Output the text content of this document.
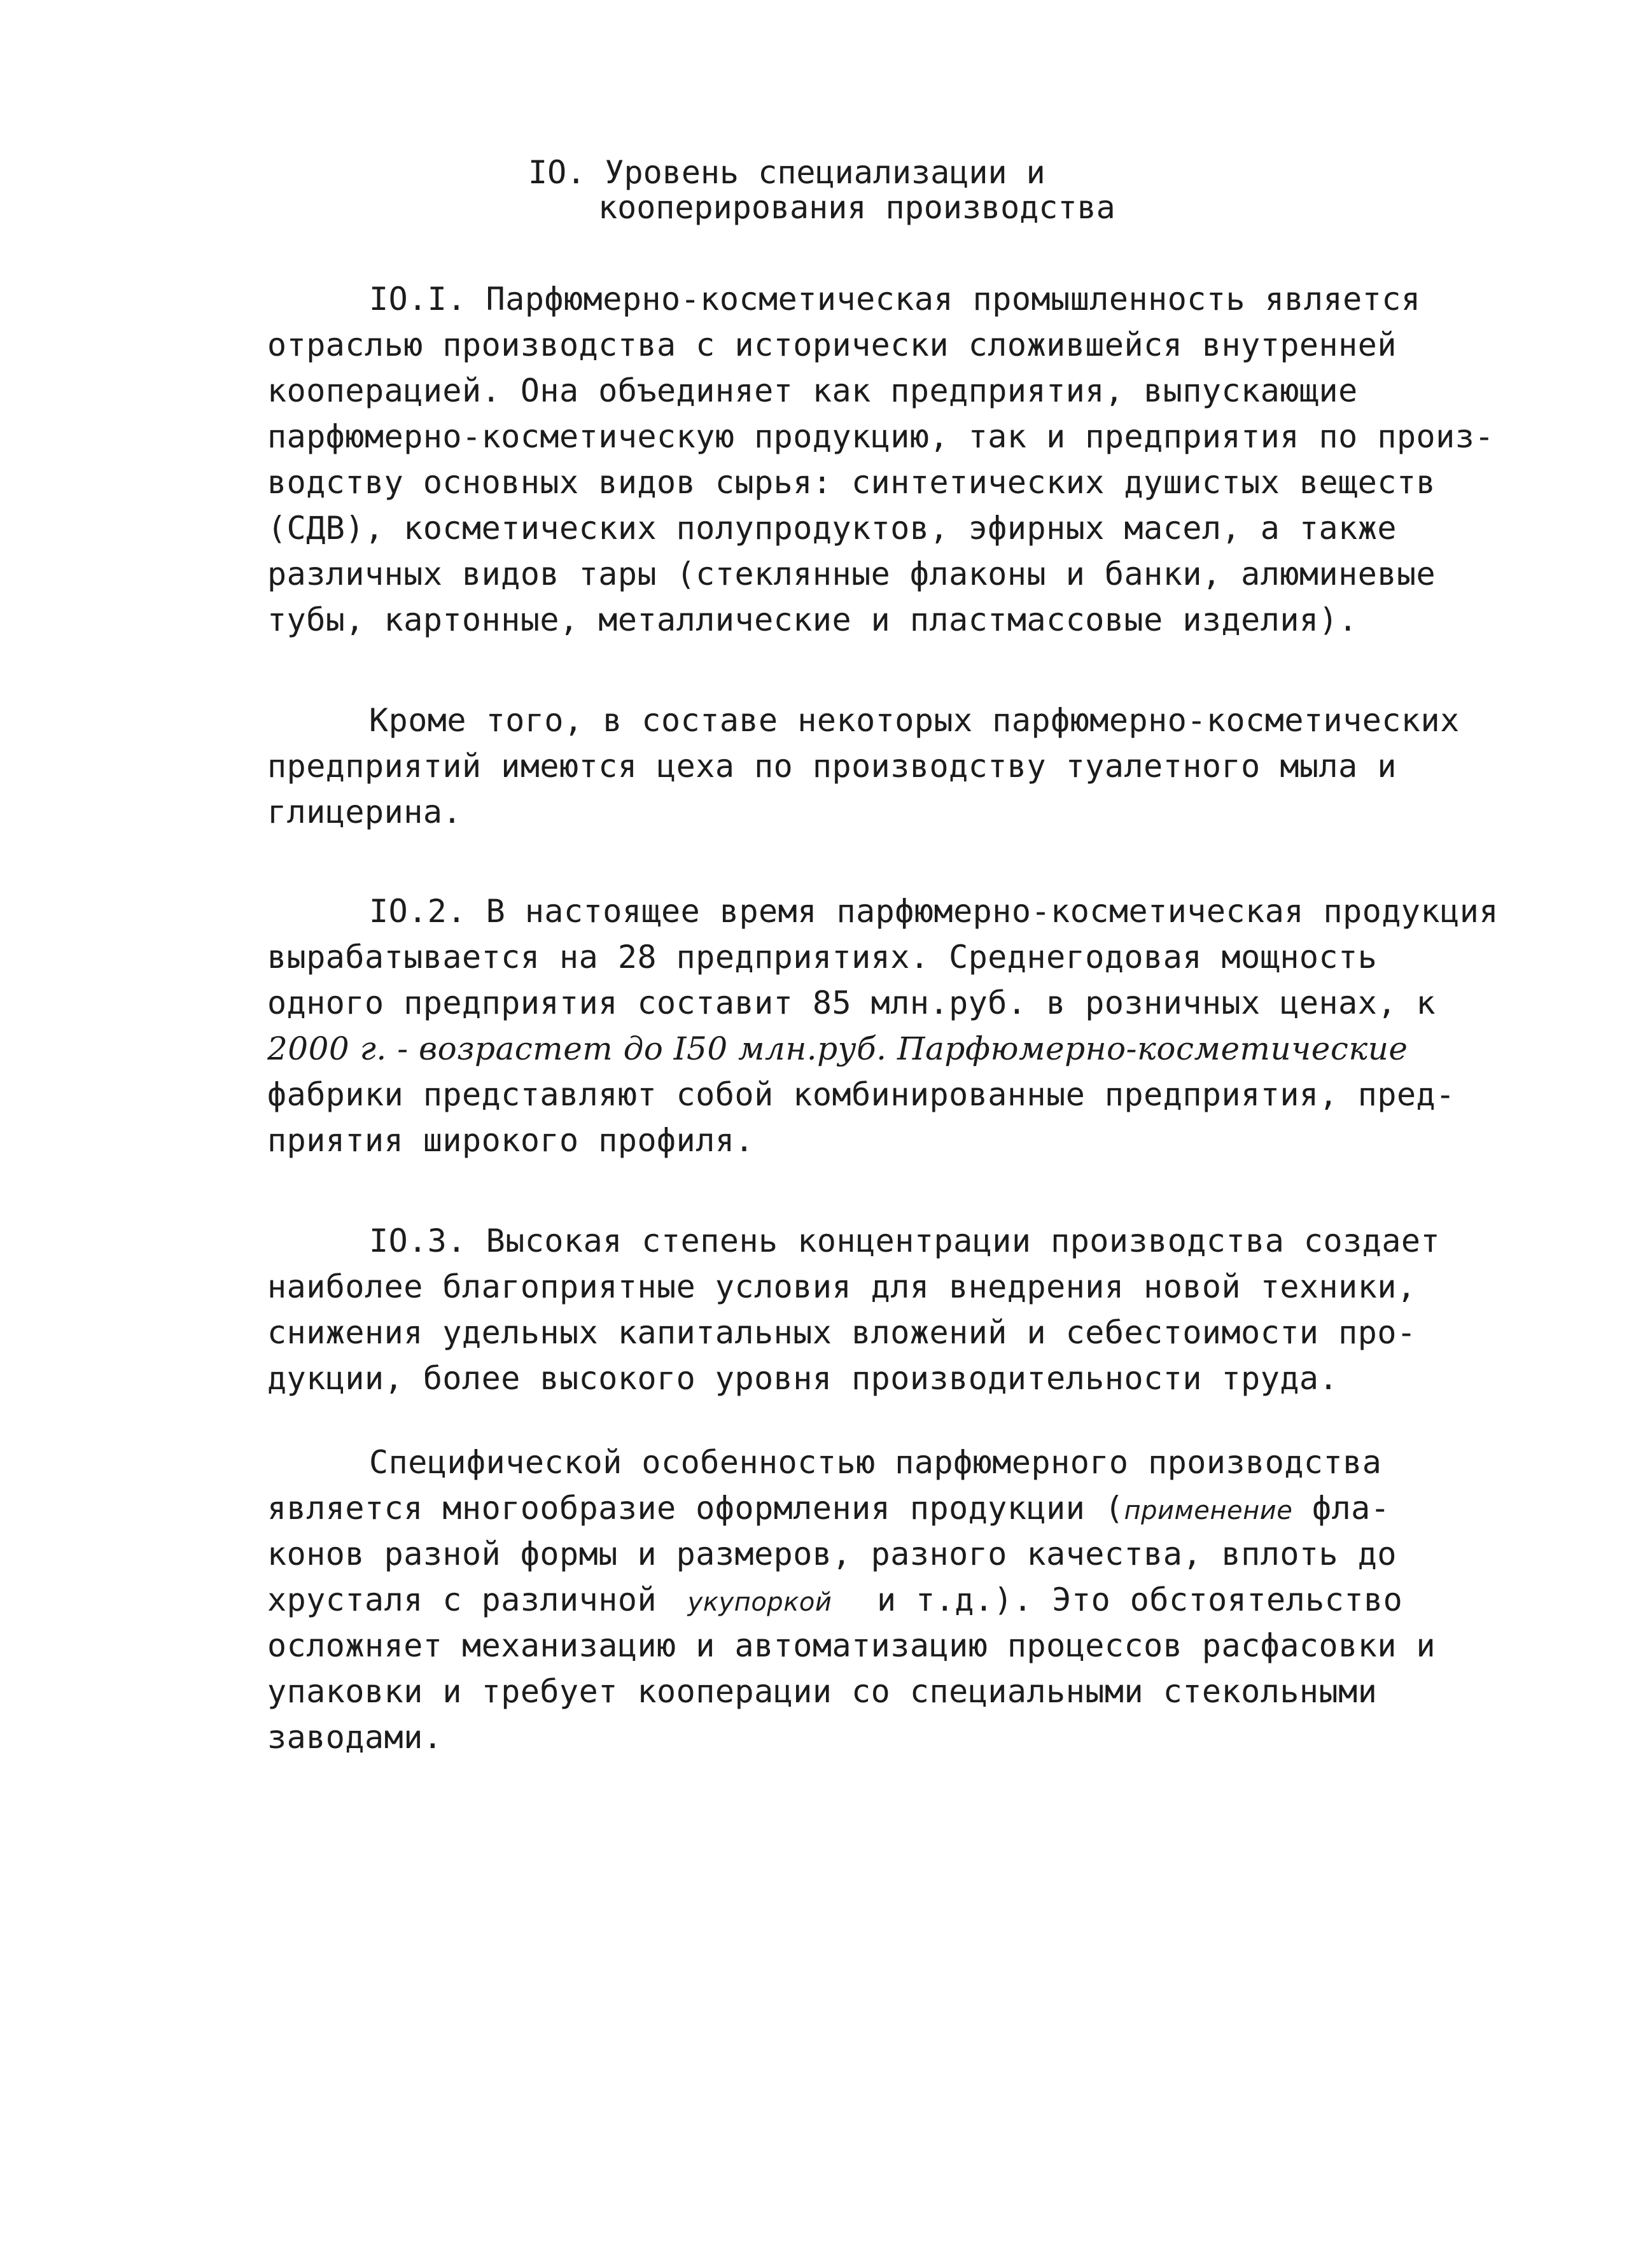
IO. Уровень специализации и
кооперирования производства
IO.I. Парфюмерно-косметическая промышленность является
отраслью производства с исторически сложившейся внутренней
кооперацией. Она объединяет как предприятия, выпускающие
парфюмерно-косметическую продукцию, так и предприятия по произ-
водству основных видов сырья: синтетических душистых веществ
(СДВ), косметических полупродуктов, эфирных масел, а также
различных видов тары (стеклянные флаконы и банки, алюминевые
тубы, картонные, металлические и пластмассовые изделия).
Кроме того, в составе некоторых парфюмерно-косметических
предприятий имеются цеха по производству туалетного мыла и
глицерина.
IO.2. В настоящее время парфюмерно-косметическая продукция
вырабатывается на 28 предприятиях. Среднегодовая мощность
одного предприятия составит 85 млн.руб. в розничных ценах, к
2000 г. - возрастет до I50 млн.руб. Парфюмерно-косметические
фабрики представляют собой комбинированные предприятия, пред-
приятия широкого профиля.
IO.3. Высокая степень концентрации производства создает
наиболее благоприятные условия для внедрения новой техники,
снижения удельных капитальных вложений и себестоимости про-
дукции, более высокого уровня производительности труда.
Специфической особенностью парфюмерного производства
является многообразие оформления продукции (применение фла-
конов разной формы и размеров, разного качества, вплоть до
хрусталя с различной укупоркой и т.д.). Это обстоятельство
осложняет механизацию и автоматизацию процессов расфасовки и
упаковки и требует кооперации со специальными стекольными
заводами.
